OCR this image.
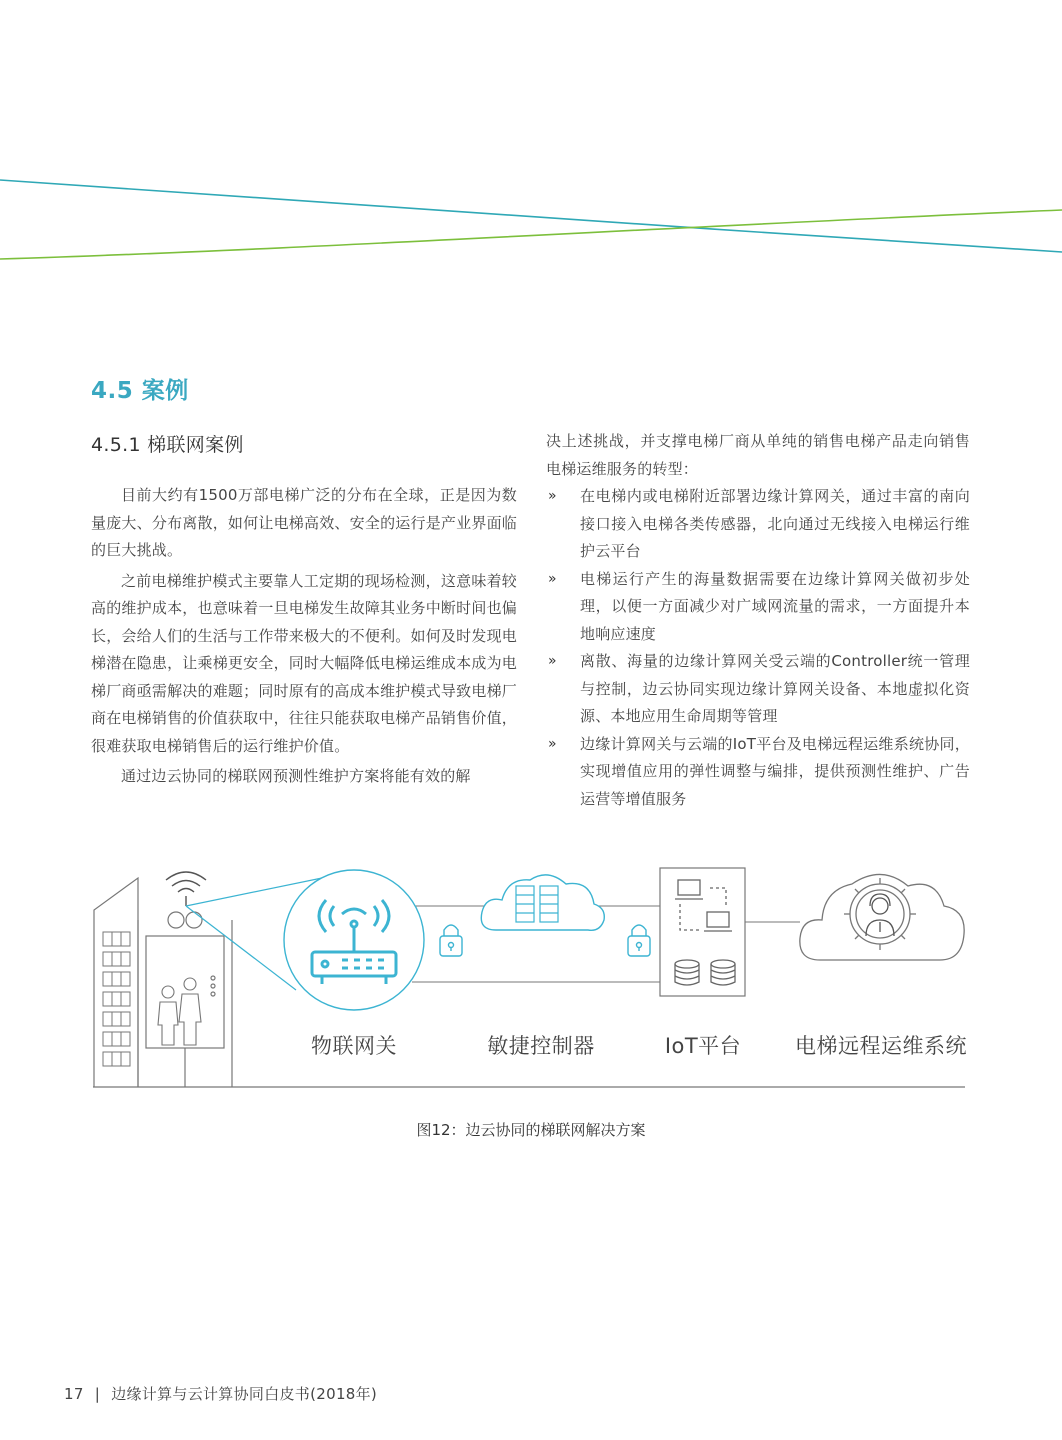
4.5 案例
4.5.1 梯联网案例

目前大约有1500万部电梯广泛的分布在全球，正是因为数量庞大、分布离散，如何让电梯高效、安全的运行是产业界面临的巨大挑战。

之前电梯维护模式主要靠人工定期的现场检测，这意味着较高的维护成本，也意味着一旦电梯发生故障其业务中断时间也偏长，会给人们的生活与工作带来极大的不便利。如何及时发现电梯潜在隐患，让乘梯更安全，同时大幅降低电梯运维成本成为电梯厂商亟需解决的难题；同时原有的高成本维护模式导致电梯厂商在电梯销售的价值获取中，往往只能获取电梯产品销售价值，很难获取电梯销售后的运行维护价值。

通过边云协同的梯联网预测性维护方案将能有效的解

决上述挑战，并支撑电梯厂商从单纯的销售电梯产品走向销售电梯运维服务的转型：

» 在电梯内或电梯附近部署边缘计算网关，通过丰富的南向接口接入电梯各类传感器，北向通过无线接入电梯运行维护云平台
» 电梯运行产生的海量数据需要在边缘计算网关做初步处理，以便一方面减少对广域网流量的需求，一方面提升本地响应速度
» 离散、海量的边缘计算网关受云端的Controller统一管理与控制，边云协同实现边缘计算网关设备、本地虚拟化资源、本地应用生命周期等管理
» 边缘计算网关与云端的IoT平台及电梯远程运维系统协同，实现增值应用的弹性调整与编排，提供预测性维护、广告运营等增值服务
物联网关	敏捷控制器	IoT平台	电梯远程运维系统
图12：边云协同的梯联网解决方案
17 | 边缘计算与云计算协同白皮书(2018年)
